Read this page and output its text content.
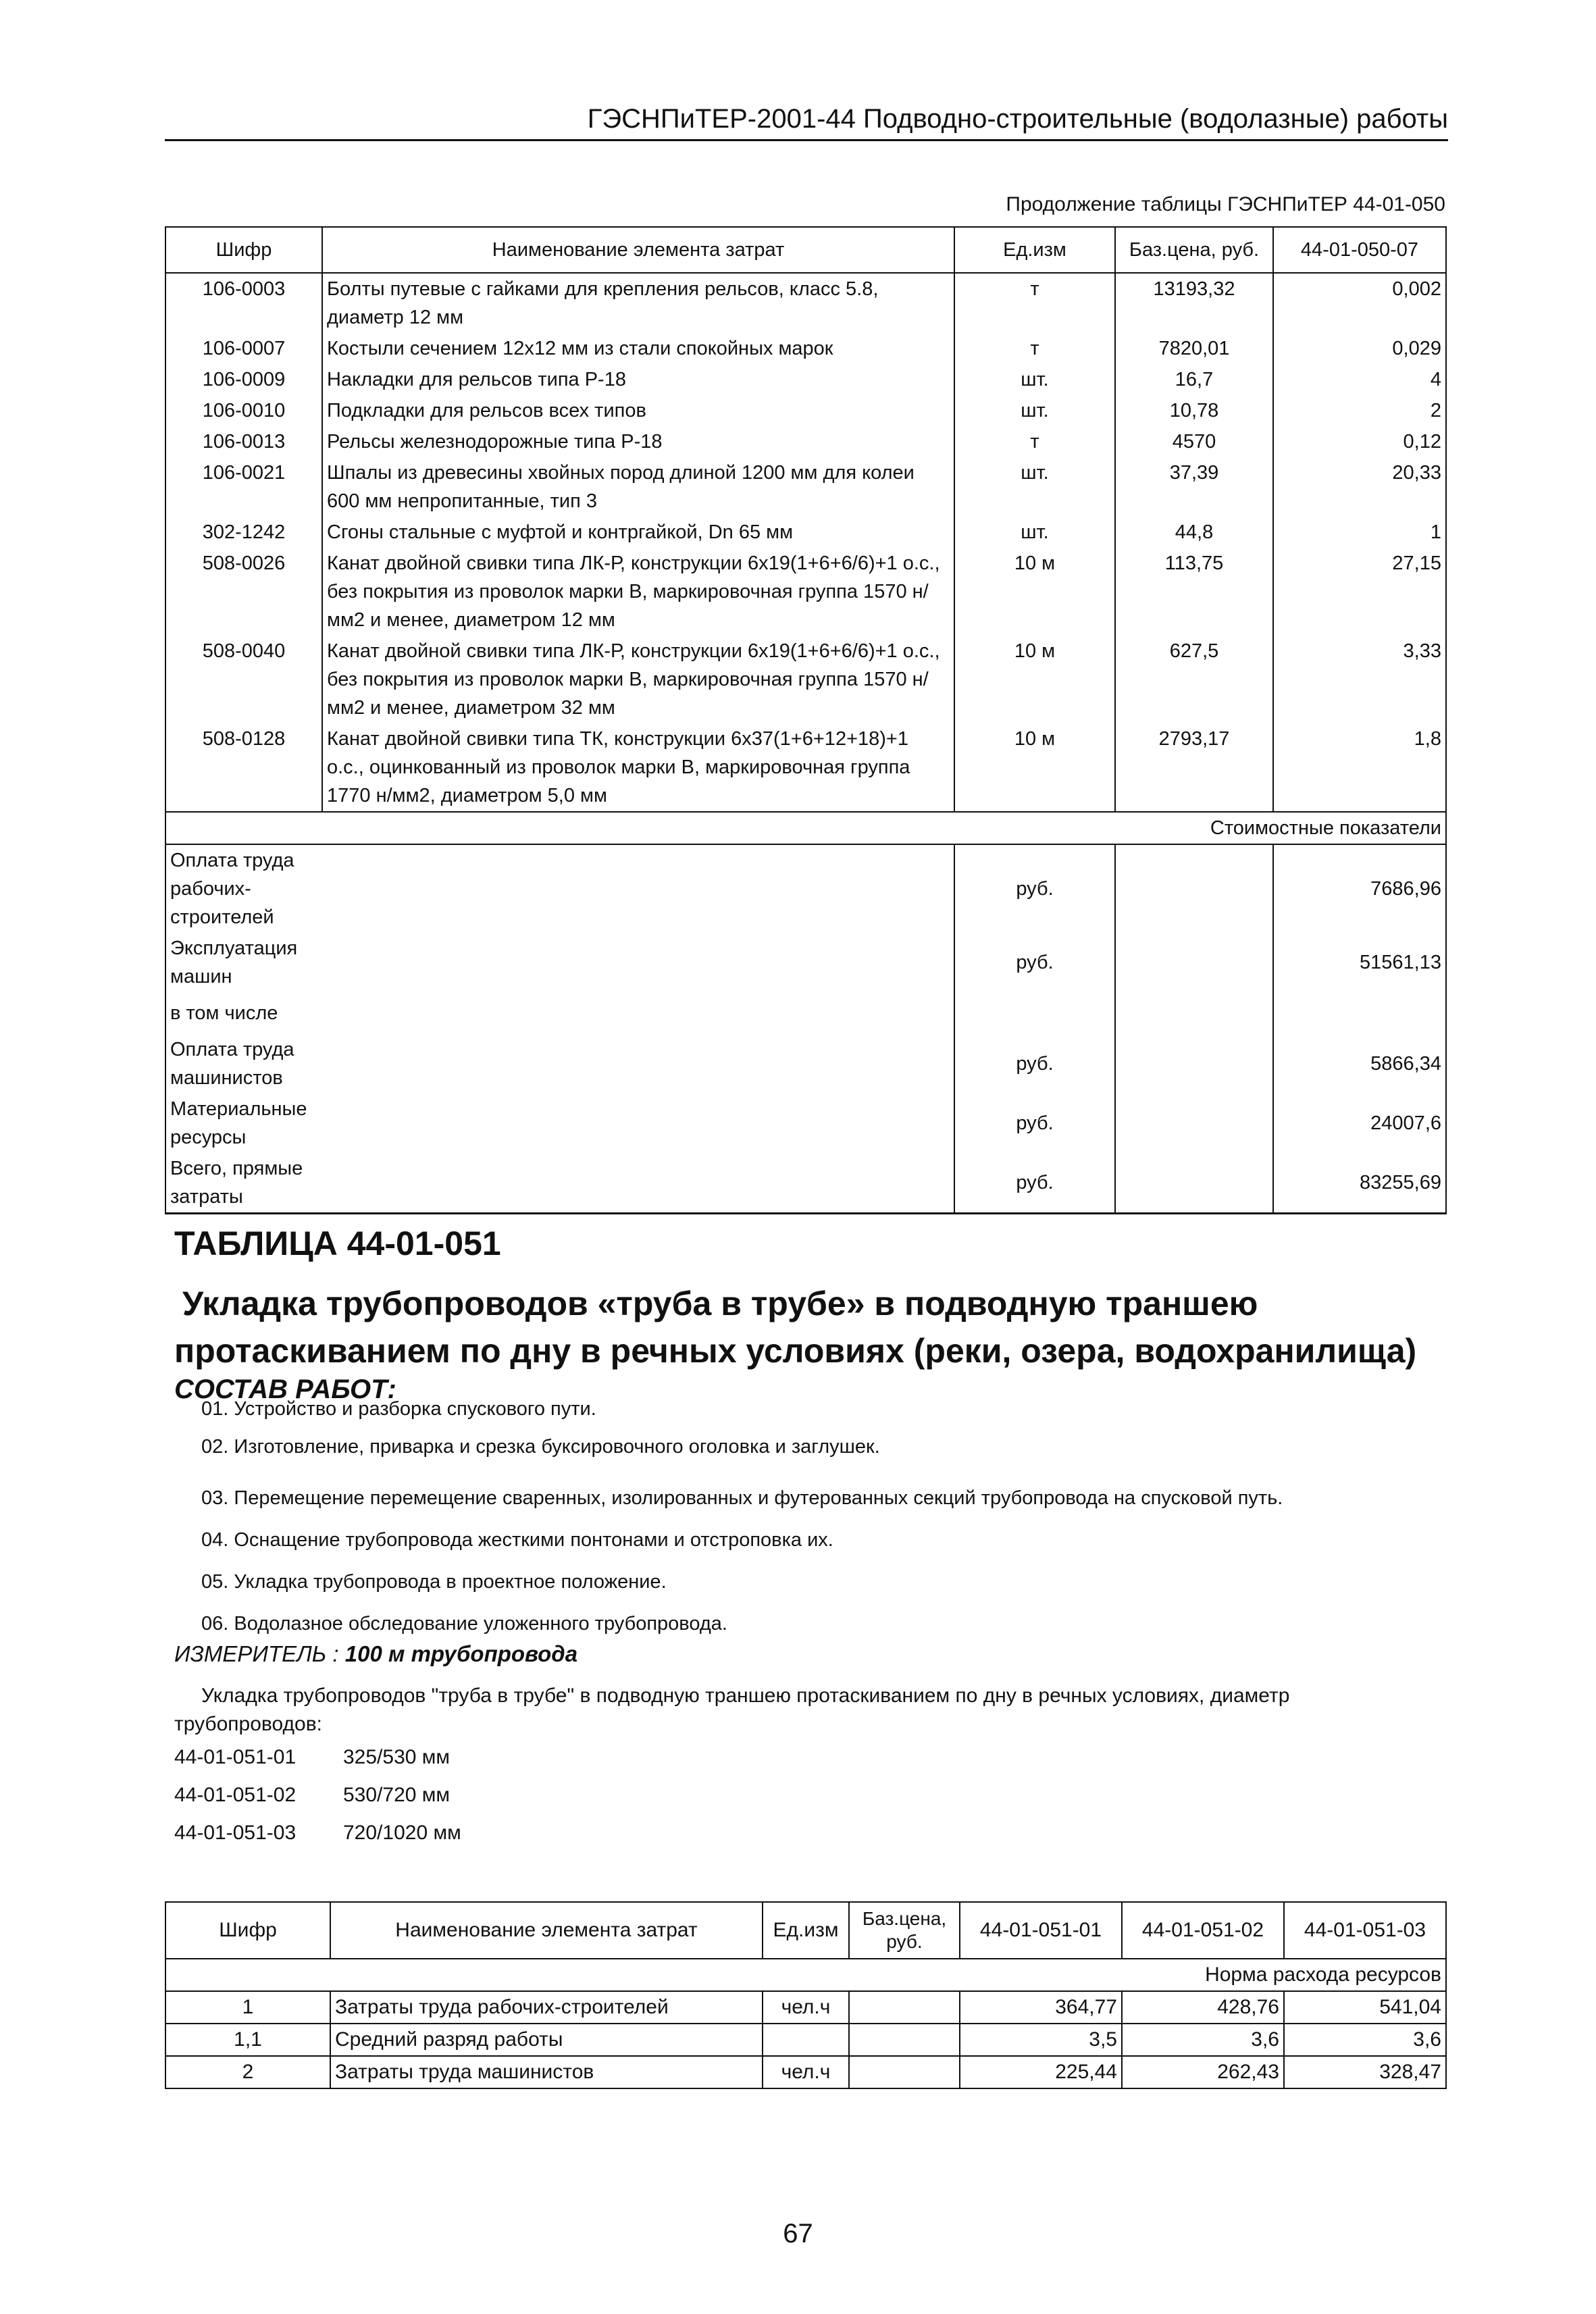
ГЭСНПиТЕР-2001-44 Подводно-строительные (водолазные) работы
Продолжение таблицы ГЭСНПиТЕР 44-01-050
Шифр	Наименование элемента затрат	Ед.изм	Баз.цена, руб.	44-01-050-07
106-0003	Болты путевые с гайками для крепления рельсов, класс 5.8, диаметр 12 мм	т	13193,32	0,002
106-0007	Костыли сечением 12х12 мм из стали спокойных марок	т	7820,01	0,029
106-0009	Накладки для рельсов типа Р-18	шт.	16,7	4
106-0010	Подкладки для рельсов всех типов	шт.	10,78	2
106-0013	Рельсы железнодорожные типа Р-18	т	4570	0,12
106-0021	Шпалы из древесины хвойных пород длиной 1200 мм для колеи 600 мм непропитанные, тип 3	шт.	37,39	20,33
302-1242	Сгоны стальные с муфтой и контргайкой, Dn 65 мм	шт.	44,8	1
508-0026	Канат двойной свивки типа ЛК-Р, конструкции 6х19(1+6+6/6)+1 о.с., без покрытия из проволок марки В, маркировочная группа 1570 н/мм2 и менее, диаметром 12 мм	10 м	113,75	27,15
508-0040	Канат двойной свивки типа ЛК-Р, конструкции 6х19(1+6+6/6)+1 о.с., без покрытия из проволок марки В, маркировочная группа 1570 н/мм2 и менее, диаметром 32 мм	10 м	627,5	3,33
508-0128	Канат двойной свивки типа ТК, конструкции 6х37(1+6+12+18)+1 о.с., оцинкованный из проволок марки В, маркировочная группа 1770 н/мм2, диаметром 5,0 мм	10 м	2793,17	1,8
Стоимостные показатели				
Оплата труда рабочих-строителей		руб.		7686,96
Эксплуатация машин		руб.		51561,13
в том числе				
Оплата труда машинистов		руб.		5866,34
Материальные ресурсы		руб.		24007,6
Всего, прямые затраты		руб.		83255,69
ТАБЛИЦА 44-01-051
Укладка трубопроводов «труба в трубе» в подводную траншею
протаскиванием по дну в речных условиях (реки, озера, водохранилища)
СОСТАВ РАБОТ:
01. Устройство и разборка спускового пути.
02. Изготовление, приварка и срезка буксировочного оголовка и заглушек.
03. Перемещение перемещение сваренных, изолированных и футерованных секций трубопровода на спусковой путь.
04. Оснащение трубопровода жесткими понтонами и отстроповка их.
05. Укладка трубопровода в проектное положение.
06. Водолазное обследование уложенного трубопровода.
ИЗМЕРИТЕЛЬ : 100 м трубопровода
Укладка трубопроводов "труба в трубе" в подводную траншею протаскиванием по дну в речных условиях, диаметр трубопроводов:
44-01-051-01 325/530 мм
44-01-051-02 530/720 мм
44-01-051-03 720/1020 мм
Шифр	Наименование элемента затрат	Ед.изм	Баз.цена, руб.	44-01-051-01	44-01-051-02	44-01-051-03
Норма расхода ресурсов						
1	Затраты труда рабочих-строителей	чел.ч		364,77	428,76	541,04
1,1	Средний разряд работы			3,5	3,6	3,6
2	Затраты труда машинистов	чел.ч		225,44	262,43	328,47
67
